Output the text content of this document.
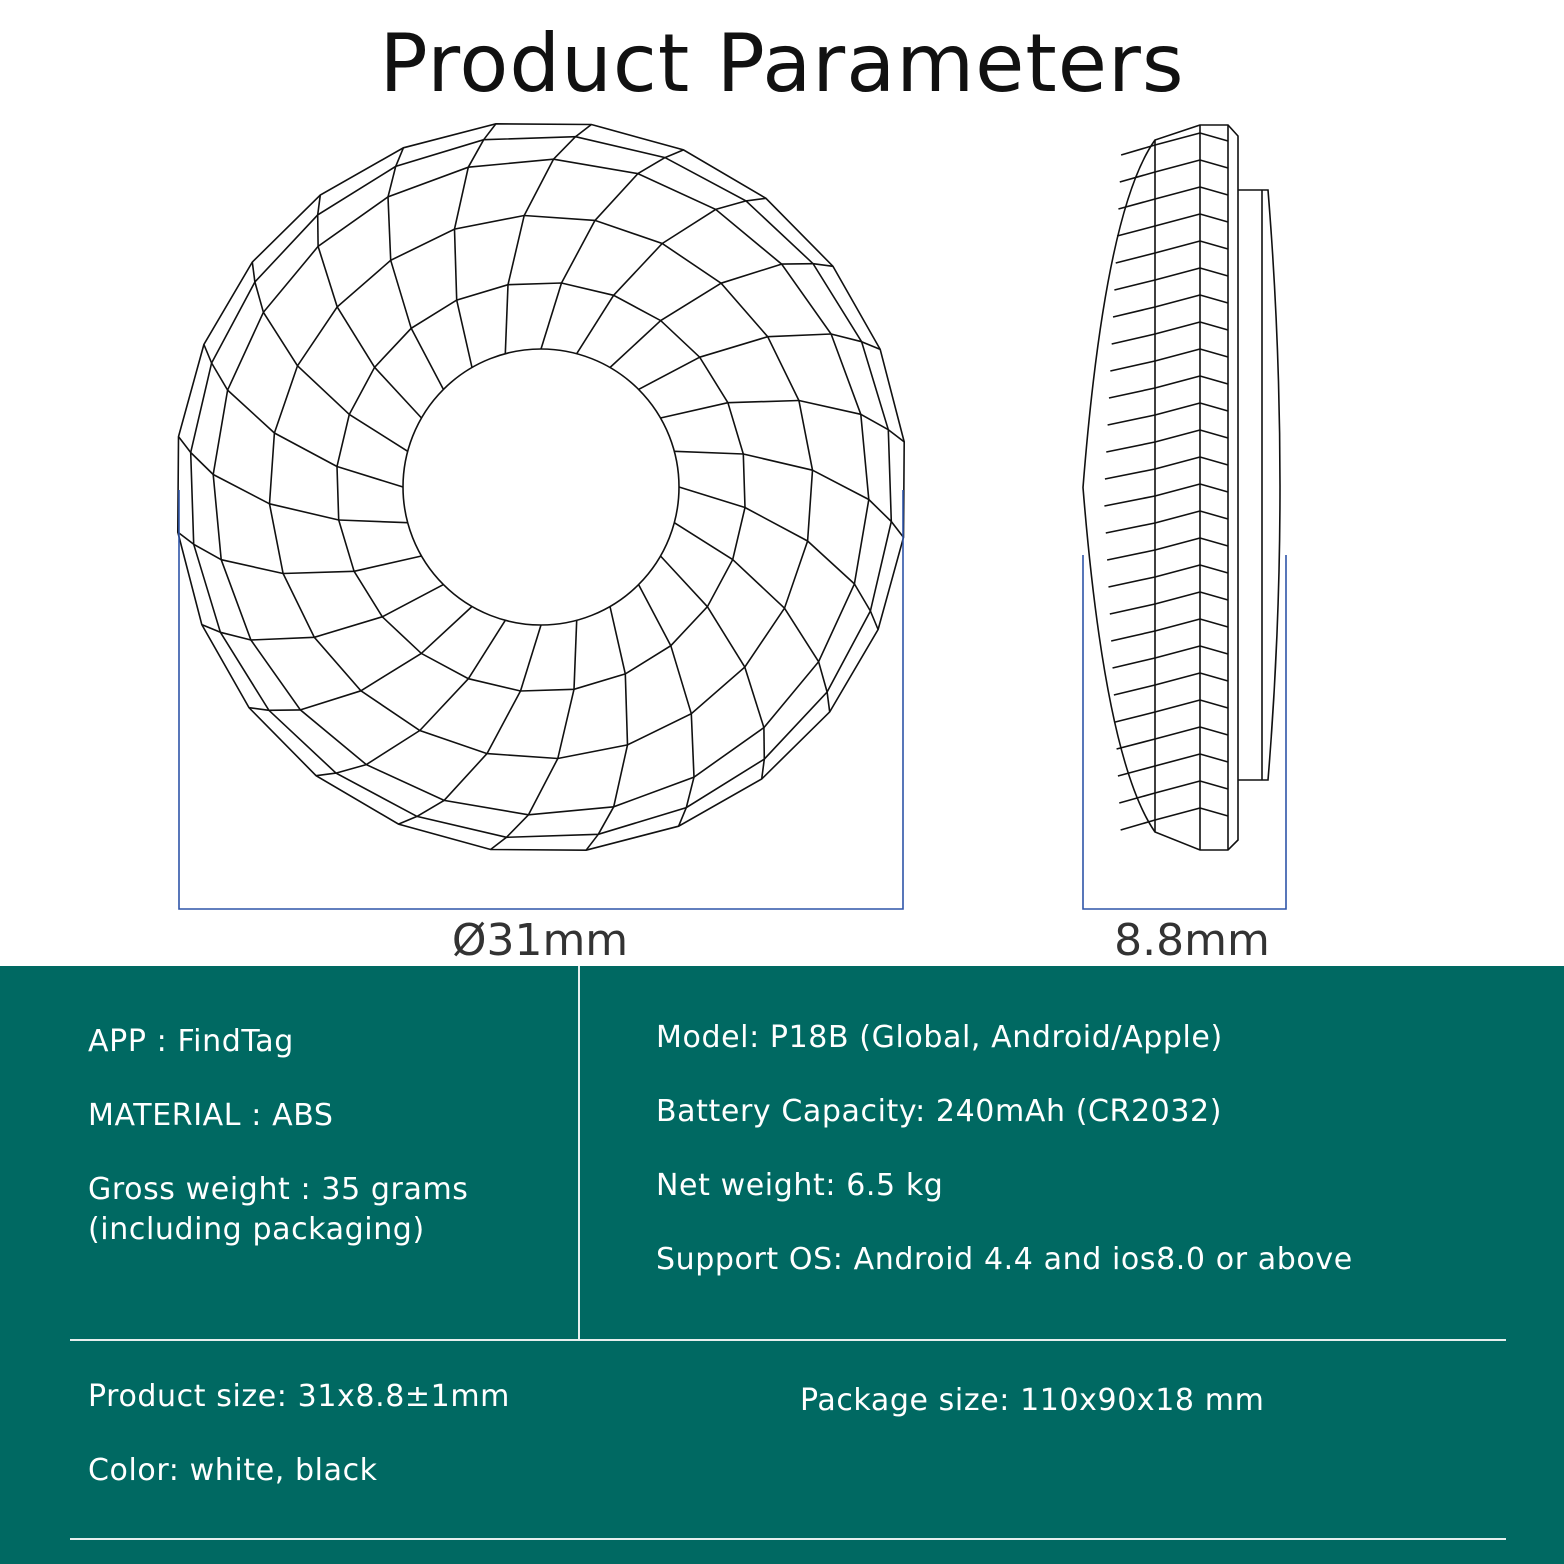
Product Parameters
Ø31mm	8.8mm
APP : FindTag
MATERIAL : ABS
Gross weight : 35 grams
(including packaging)
Model: P18B (Global, Android/Apple)
Battery Capacity: 240mAh (CR2032)
Net weight: 6.5 kg
Support OS: Android 4.4 and ios8.0 or above
Product size: 31x8.8±1mm
Color: white, black
Package size: 110x90x18 mm
